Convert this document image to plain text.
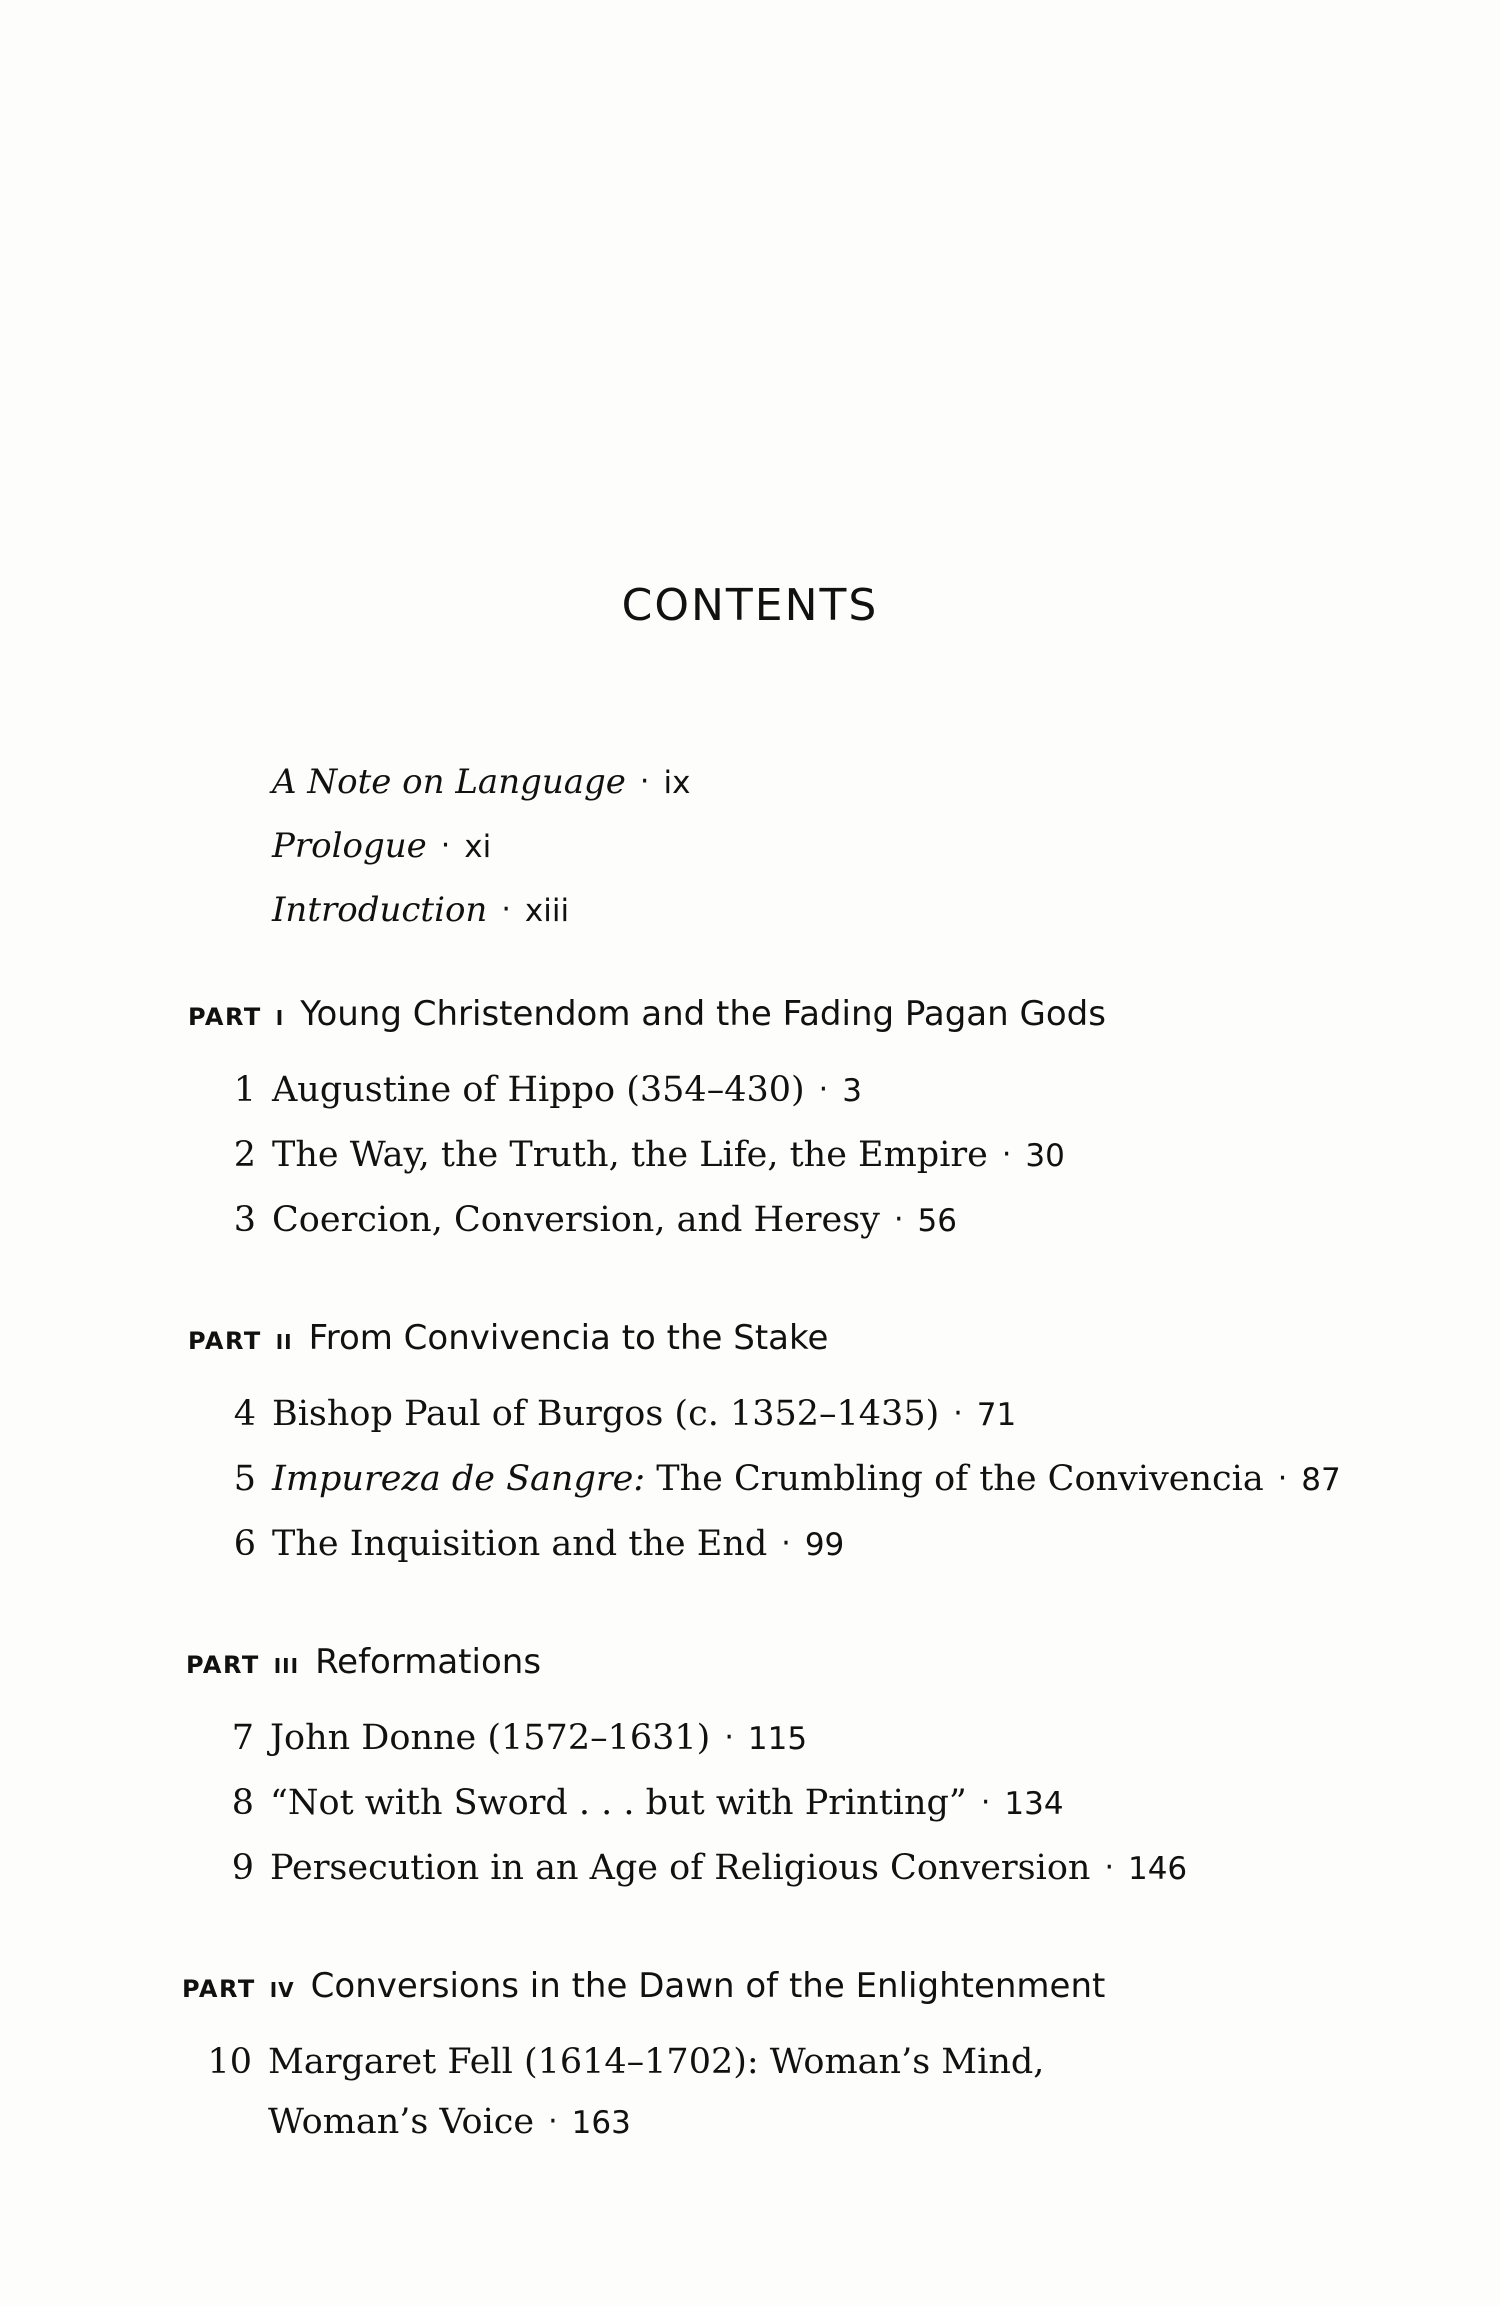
CONTENTS
A Note on Language · ix
Prologue · xi
Introduction · xiii
PART I Young Christendom and the Fading Pagan Gods
1 Augustine of Hippo (354–430) · 3
2 The Way, the Truth, the Life, the Empire · 30
3 Coercion, Conversion, and Heresy · 56
PART II From Convivencia to the Stake
4 Bishop Paul of Burgos (c. 1352–1435) · 71
5 Impureza de Sangre: The Crumbling of the Convivencia · 87
6 The Inquisition and the End · 99
PART III Reformations
7 John Donne (1572–1631) · 115
8 “Not with Sword . . . but with Printing” · 134
9 Persecution in an Age of Religious Conversion · 146
PART IV Conversions in the Dawn of the Enlightenment
10 Margaret Fell (1614–1702): Woman’s Mind,
Woman’s Voice · 163
